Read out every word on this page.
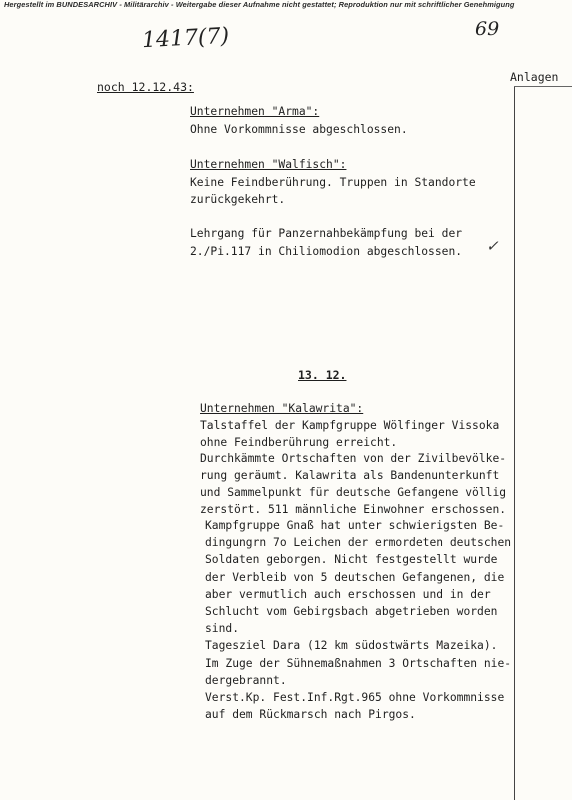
Hergestellt im BUNDESARCHIV - Militärarchiv - Weitergabe dieser Aufnahme nicht gestattet; Reproduktion nur mit schriftlicher Genehmigung
1417(7)	69
Anlagen
noch 12.12.43:
Unternehmen "Arma":
Ohne Vorkommnisse abgeschlossen.
Unternehmen "Walfisch":
Keine Feindberührung. Truppen in Standorte
zurückgekehrt.
Lehrgang für Panzernahbekämpfung bei der
2./Pi.117 in Chiliomodion abgeschlossen. ✓
13. 12.
Unternehmen "Kalawrita":
Talstaffel der Kampfgruppe Wölfinger Vissoka
ohne Feindberührung erreicht.
Durchkämmte Ortschaften von der Zivilbevölke-
rung geräumt. Kalawrita als Bandenunterkunft
und Sammelpunkt für deutsche Gefangene völlig
zerstört. 511 männliche Einwohner erschossen.
Kampfgruppe Gnaß hat unter schwierigsten Be-
dingungrn 7o Leichen der ermordeten deutschen
Soldaten geborgen. Nicht festgestellt wurde
der Verbleib von 5 deutschen Gefangenen, die
aber vermutlich auch erschossen und in der
Schlucht vom Gebirgsbach abgetrieben worden
sind.
Tagesziel Dara (12 km südostwärts Mazeika).
Im Zuge der Sühnemaßnahmen 3 Ortschaften nie-
dergebrannt.
Verst.Kp. Fest.Inf.Rgt.965 ohne Vorkommnisse
auf dem Rückmarsch nach Pirgos.
